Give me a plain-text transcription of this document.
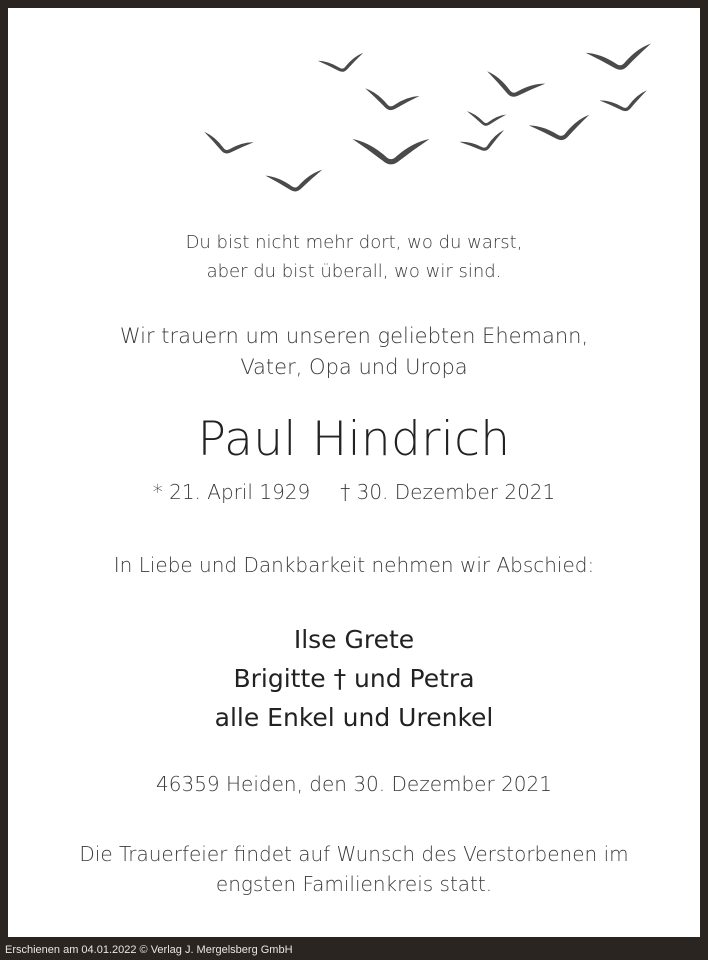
Du bist nicht mehr dort, wo du warst,
aber du bist überall, wo wir sind.
Wir trauern um unseren geliebten Ehemann,
Vater, Opa und Uropa
Paul Hindrich
* 21. April 1929 † 30. Dezember 2021
In Liebe und Dankbarkeit nehmen wir Abschied:
Ilse Grete
Brigitte † und Petra
alle Enkel und Urenkel
46359 Heiden, den 30. Dezember 2021
Die Trauerfeier findet auf Wunsch des Verstorbenen im
engsten Familienkreis statt.
Erschienen am 04.01.2022 © Verlag J. Mergelsberg GmbH
